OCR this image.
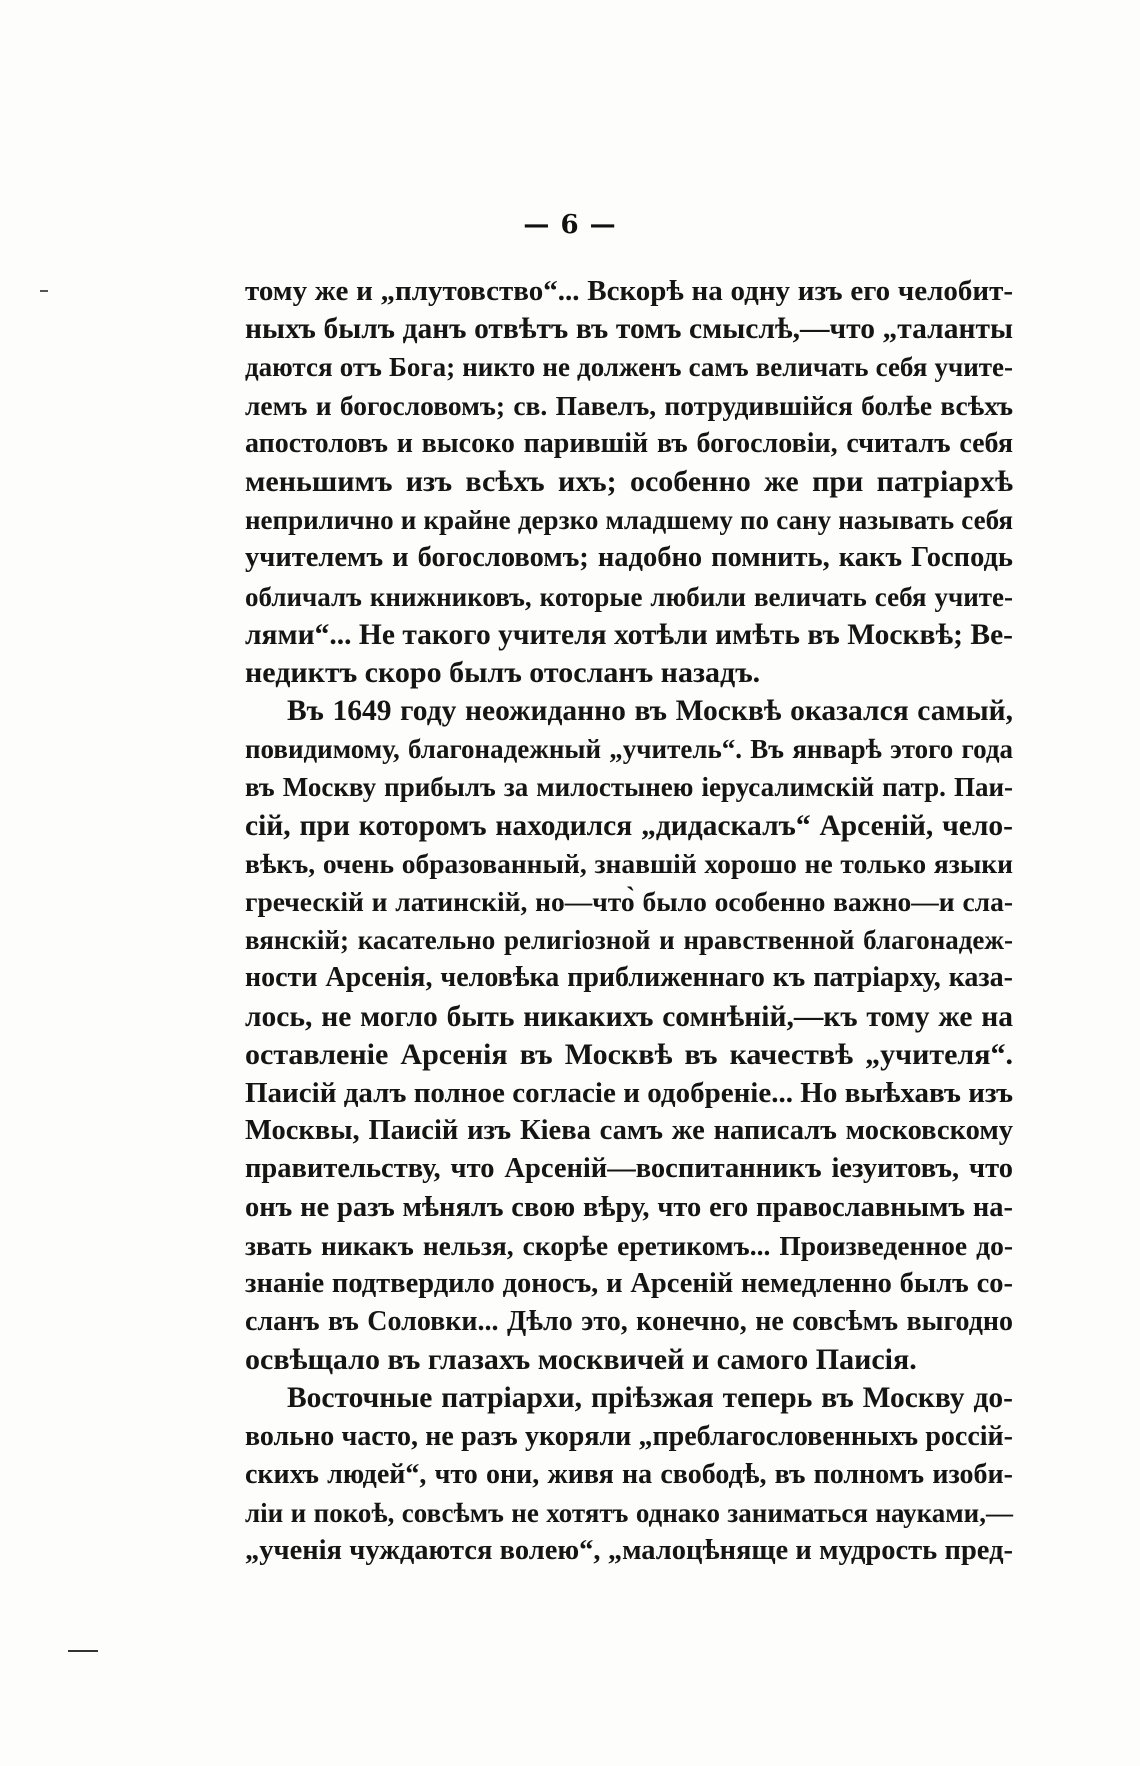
— 6 —
тому же и „плутовство“... Вскорѣ на одну изъ его челобит-
ныхъ былъ данъ отвѣтъ въ томъ смыслѣ,—что „таланты
даются отъ Бога; никто не долженъ самъ величать себя учите-
лемъ и богословомъ; св. Павелъ, потрудившійся болѣе всѣхъ
апостоловъ и высоко парившій въ богословіи, считалъ себя
меньшимъ изъ всѣхъ ихъ; особенно же при патріархѣ
неприлично и крайне дерзко младшему по сану называть себя
учителемъ и богословомъ; надобно помнить, какъ Господь
обличалъ книжниковъ, которые любили величать себя учите-
лями“... Не такого учителя хотѣли имѣть въ Москвѣ; Be-
недиктъ скоро былъ отосланъ назадъ.
Въ 1649 году неожиданно въ Москвѣ оказался самый,
повидимому, благонадежный „учитель“. Въ январѣ этого года
въ Москву прибылъ за милостынею іерусалимскій патр. Паи-
сій, при которомъ находился „дидаскалъ“ Арсеній, чело-
вѣкъ, очень образованный, знавшій хорошо не только языки
греческій и латинскій, но—что̀ было особенно важно—и сла-
вянскій; касательно религіозной и нравственной благонадеж-
ности Арсенія, человѣка приближеннаго къ патріарху, каза-
лось, не могло быть никакихъ сомнѣній,—къ тому же на
оставленіе Арсенія въ Москвѣ въ качествѣ „учителя“.
Паисій далъ полное согласіе и одобреніе... Но выѣхавъ изъ
Москвы, Паисій изъ Кіева самъ же написалъ московскому
правительству, что Арсеній—воспитанникъ іезуитовъ, что
онъ не разъ мѣнялъ свою вѣру, что его православнымъ на-
звать никакъ нельзя, скорѣе еретикомъ... Произведенное до-
знаніе подтвердило доносъ, и Арсеній немедленно былъ со-
сланъ въ Соловки... Дѣло это, конечно, не совсѣмъ выгодно
освѣщало въ глазахъ москвичей и самого Паисія.
Восточные патріархи, пріѣзжая теперь въ Москву до-
вольно часто, не разъ укоряли „преблагословенныхъ россій-
скихъ людей“, что они, живя на свободѣ, въ полномъ изоби-
ліи и покоѣ, совсѣмъ не хотятъ однако заниматься науками,—
„ученія чуждаются волею“, „малоцѣнящe и мудрость пред-
